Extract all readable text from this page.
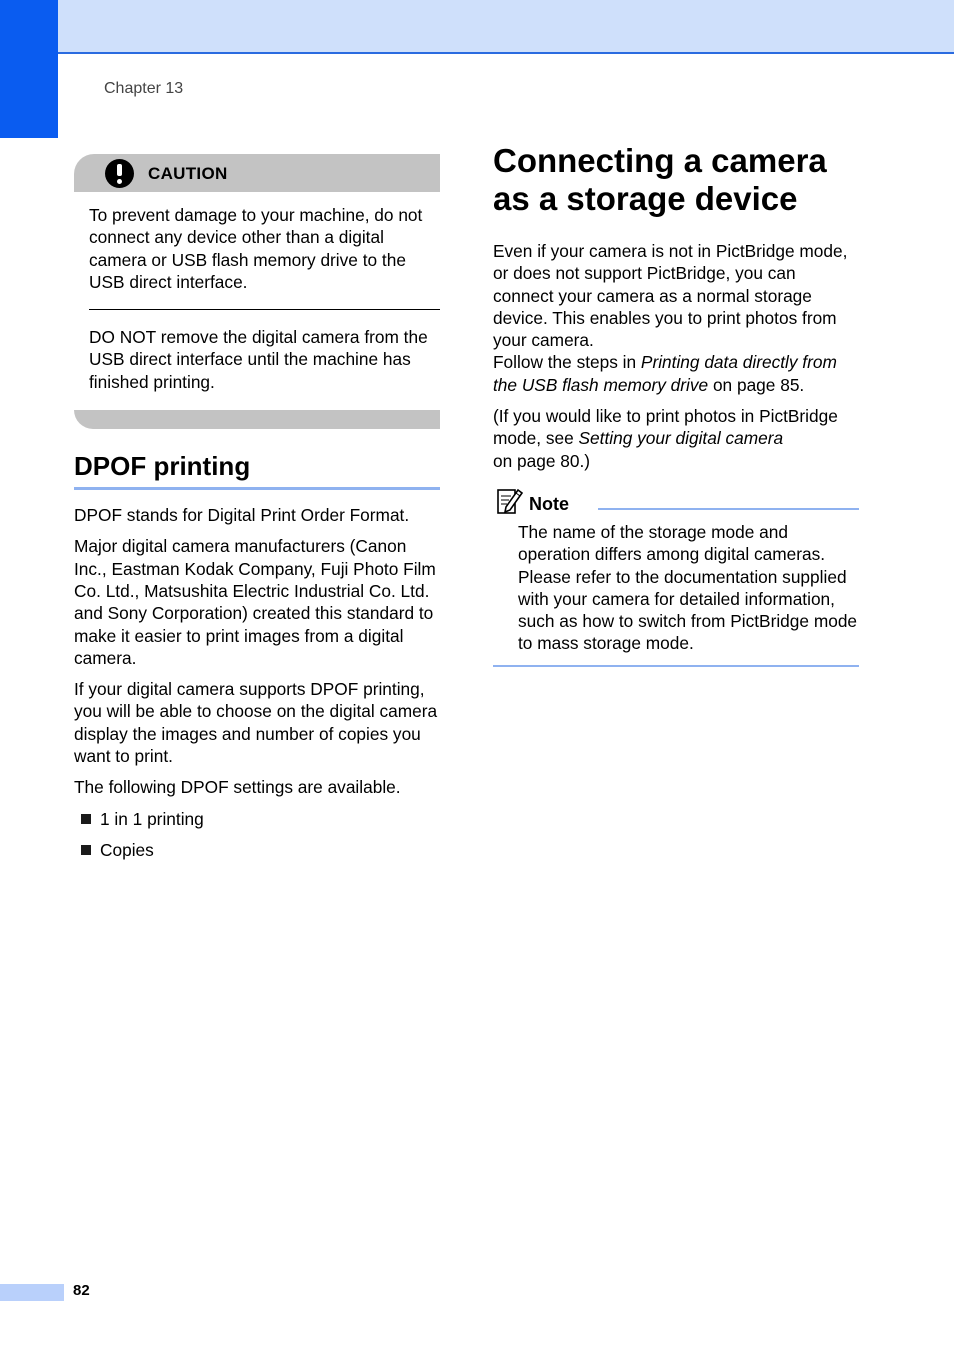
Chapter 13
CAUTION

To prevent damage to your machine, do not connect any device other than a digital camera or USB flash memory drive to the USB direct interface.

DO NOT remove the digital camera from the USB direct interface until the machine has finished printing.

DPOF printing

DPOF stands for Digital Print Order Format.

Major digital camera manufacturers (Canon Inc., Eastman Kodak Company, Fuji Photo Film Co. Ltd., Matsushita Electric Industrial Co. Ltd. and Sony Corporation) created this standard to make it easier to print images from a digital camera.

If your digital camera supports DPOF printing, you will be able to choose on the digital camera display the images and number of copies you want to print.

The following DPOF settings are available.

1 in 1 printing
Copies
Connecting a camera
as a storage device

Even if your camera is not in PictBridge mode, or does not support PictBridge, you can connect your camera as a normal storage device. This enables you to print photos from your camera.
Follow the steps in Printing data directly from the USB flash memory drive on page 85.

(If you would like to print photos in PictBridge mode, see Setting your digital camera
on page 80.)

Note

The name of the storage mode and operation differs among digital cameras. Please refer to the documentation supplied with your camera for detailed information, such as how to switch from PictBridge mode to mass storage mode.

82
